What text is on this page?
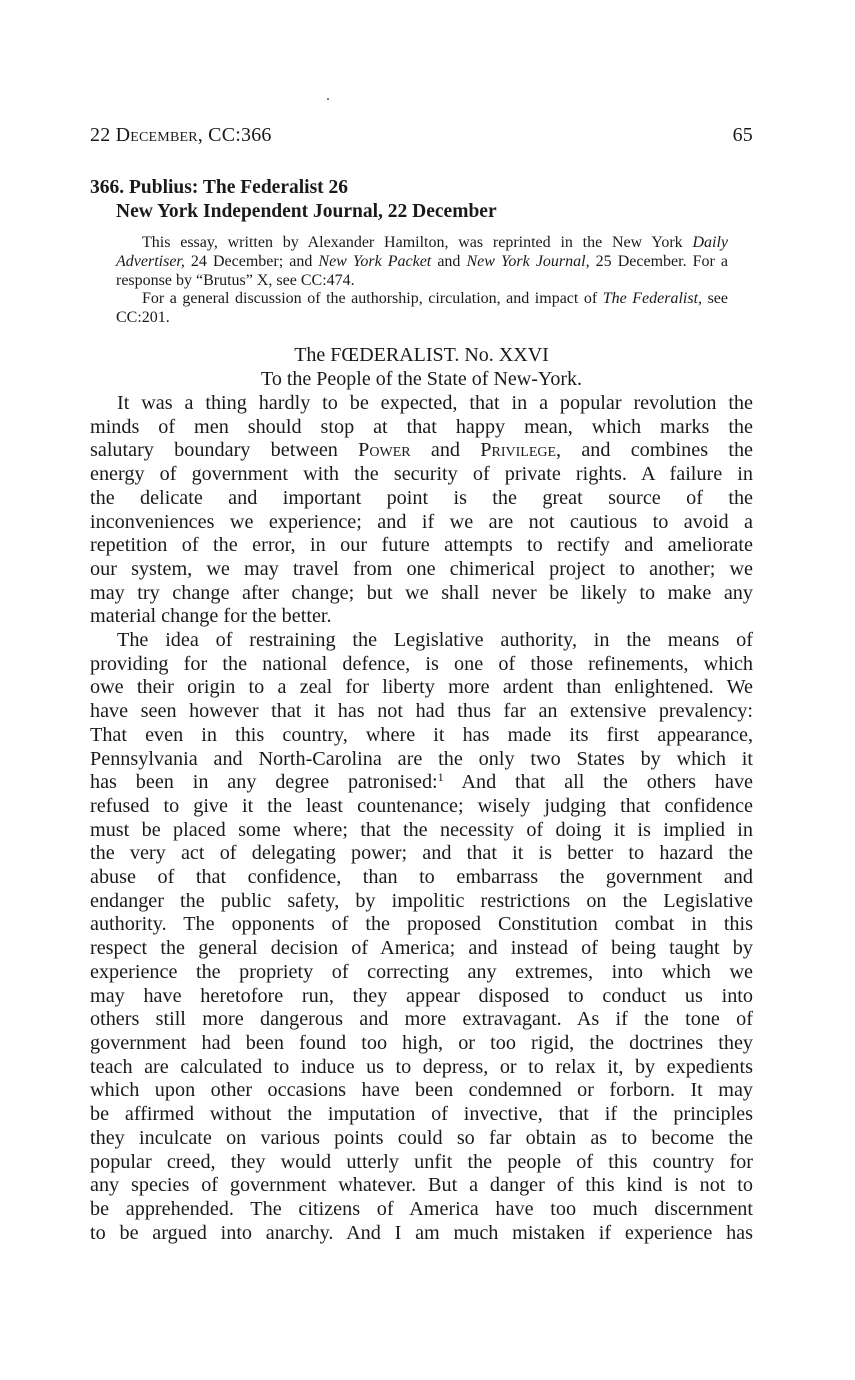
22 December, CC:366	65
366. Publius: The Federalist 26
New York Independent Journal, 22 December

This essay, written by Alexander Hamilton, was reprinted in the New York Daily Advertiser, 24 December; and New York Packet and New York Journal, 25 December. For a response by “Brutus” X, see CC:474.

For a general discussion of the authorship, circulation, and impact of The Federalist, see CC:201.

The FŒDERALIST. No. XXVI
To the People of the State of New-York.
It was a thing hardly to be expected, that in a popular revolution the
minds of men should stop at that happy mean, which marks the
salutary boundary between Power and Privilege, and combines the
energy of government with the security of private rights. A failure in
the delicate and important point is the great source of the
inconveniences we experience; and if we are not cautious to avoid a
repetition of the error, in our future attempts to rectify and ameliorate
our system, we may travel from one chimerical project to another; we
may try change after change; but we shall never be likely to make any
material change for the better.
The idea of restraining the Legislative authority, in the means of
providing for the national defence, is one of those refinements, which
owe their origin to a zeal for liberty more ardent than enlightened. We
have seen however that it has not had thus far an extensive prevalency:
That even in this country, where it has made its first appearance,
Pennsylvania and North-Carolina are the only two States by which it
has been in any degree patronised:$^1$ And that all the others have
refused to give it the least countenance; wisely judging that confidence
must be placed some where; that the necessity of doing it is implied in
the very act of delegating power; and that it is better to hazard the
abuse of that confidence, than to embarrass the government and
endanger the public safety, by impolitic restrictions on the Legislative
authority. The opponents of the proposed Constitution combat in this
respect the general decision of America; and instead of being taught by
experience the propriety of correcting any extremes, into which we
may have heretofore run, they appear disposed to conduct us into
others still more dangerous and more extravagant. As if the tone of
government had been found too high, or too rigid, the doctrines they
teach are calculated to induce us to depress, or to relax it, by expedients
which upon other occasions have been condemned or forborn. It may
be affirmed without the imputation of invective, that if the principles
they inculcate on various points could so far obtain as to become the
popular creed, they would utterly unfit the people of this country for
any species of government whatever. But a danger of this kind is not to
be apprehended. The citizens of America have too much discernment
to be argued into anarchy. And I am much mistaken if experience has
